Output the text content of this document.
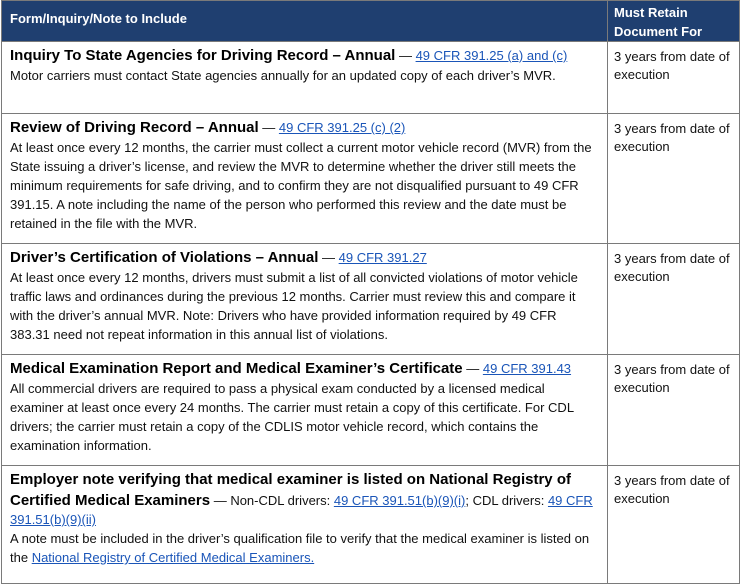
Form/Inquiry/Note to Include	Must Retain Document For

Inquiry To State Agencies for Driving Record – Annual — 49 CFR 391.25 (a) and (c)
Motor carriers must contact State agencies annually for an updated copy of each driver’s MVR.	3 years from date of execution

Review of Driving Record – Annual — 49 CFR 391.25 (c) (2)
At least once every 12 months, the carrier must collect a current motor vehicle record (MVR) from the State issuing a driver’s license, and review the MVR to determine whether the driver still meets the minimum requirements for safe driving, and to confirm they are not disqualified pursuant to 49 CFR 391.15. A note including the name of the person who performed this review and the date must be retained in the file with the MVR.	3 years from date of execution

Driver’s Certification of Violations – Annual — 49 CFR 391.27
At least once every 12 months, drivers must submit a list of all convicted violations of motor vehicle traffic laws and ordinances during the previous 12 months. Carrier must review this and compare it with the driver’s annual MVR. Note: Drivers who have provided information required by 49 CFR 383.31 need not repeat information in this annual list of violations.	3 years from date of execution

Medical Examination Report and Medical Examiner’s Certificate — 49 CFR 391.43
All commercial drivers are required to pass a physical exam conducted by a licensed medical examiner at least once every 24 months. The carrier must retain a copy of this certificate. For CDL drivers; the carrier must retain a copy of the CDLIS motor vehicle record, which contains the examination information.	3 years from date of execution

Employer note verifying that medical examiner is listed on National Registry of Certified Medical Examiners — Non-CDL drivers: 49 CFR 391.51(b)(9)(i); CDL drivers: 49 CFR 391.51(b)(9)(ii)
A note must be included in the driver’s qualification file to verify that the medical examiner is listed on the National Registry of Certified Medical Examiners.	3 years from date of execution
